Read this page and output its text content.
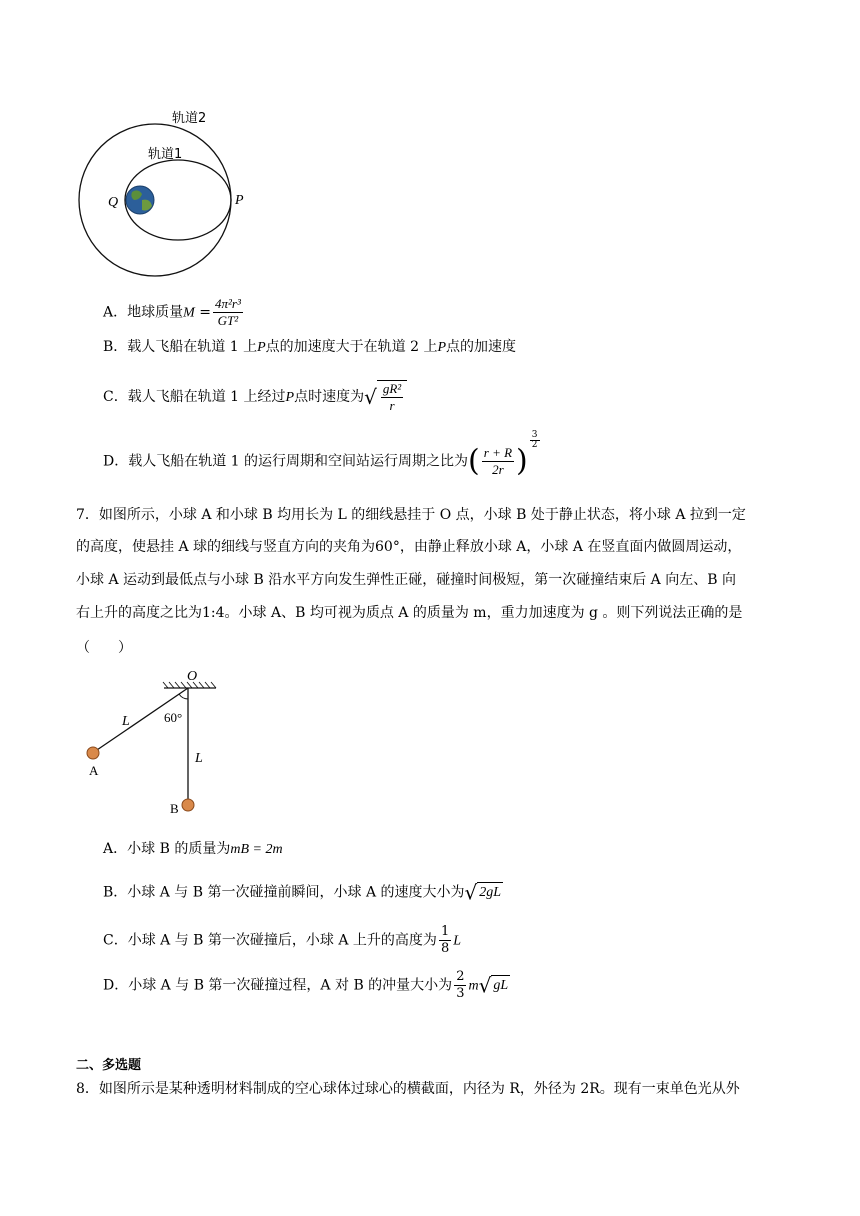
轨道2
轨道1
Q	P
A．地球质量$M = \frac{\text{4π²r³}}{\text{GT²}}$
B．载人飞船在轨道 1 上P点的加速度大于在轨道 2 上P点的加速度
C．载人飞船在轨道 1 上经过P点时速度为√ $\frac{\text{gR²}}{r}$
D．载人飞船在轨道 1 的运行周期和空间站运行周期之比为( $\frac{r + R}{2r}$ )
$\frac{3}{2}$
7．如图所示，小球 A 和小球 B 均用长为 L 的细线悬挂于 O 点，小球 B 处于静止状态，将小球 A 拉到一定
的高度，使悬挂 A 球的细线与竖直方向的夹角为60°，由静止释放小球 A，小球 A 在竖直面内做圆周运动，
小球 A 运动到最低点与小球 B 沿水平方向发生弹性正碰，碰撞时间极短，第一次碰撞结束后 A 向左、B 向
右上升的高度之比为1:4。小球 A、B 均可视为质点 A 的质量为 m，重力加速度为 g 。则下列说法正确的是
（　　）
O
L	60°
L
A
B
A．小球 B 的质量为mB = 2m
B．小球 A 与 B 第一次碰撞前瞬间，小球 A 的速度大小为√ 2gL
C．小球 A 与 B 第一次碰撞后，小球 A 上升的高度为 $\frac{1}{8}$ L
D．小球 A 与 B 第一次碰撞过程，A 对 B 的冲量大小为 $\frac{2}{3} m√$ gL
二、多选题
8．如图所示是某种透明材料制成的空心球体过球心的横截面，内径为 R，外径为 2R。现有一束单色光从外
